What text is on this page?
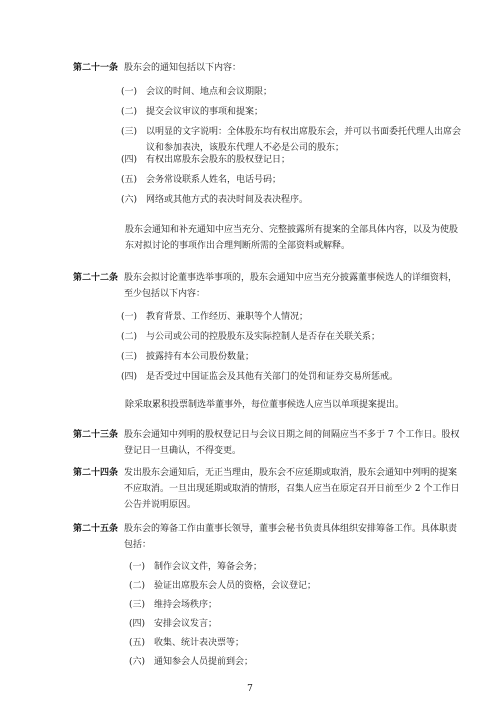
第二十一条 股东会的通知包括以下内容：
(一) 会议的时间、地点和会议期限；
(二) 提交会议审议的事项和提案；
(三) 以明显的文字说明：全体股东均有权出席股东会，并可以书面委托代理人出席会议和参加表决，该股东代理人不必是公司的股东；
(四) 有权出席股东会股东的股权登记日；
(五) 会务常设联系人姓名，电话号码；
(六) 网络或其他方式的表决时间及表决程序。
股东会通知和补充通知中应当充分、完整披露所有提案的全部具体内容，以及为使股东对拟讨论的事项作出合理判断所需的全部资料或解释。
第二十二条 股东会拟讨论董事选举事项的，股东会通知中应当充分披露董事候选人的详细资料，至少包括以下内容：
(一) 教育背景、工作经历、兼职等个人情况；
(二) 与公司或公司的控股股东及实际控制人是否存在关联关系；
(三) 披露持有本公司股份数量；
(四) 是否受过中国证监会及其他有关部门的处罚和证券交易所惩戒。
除采取累积投票制选举董事外，每位董事候选人应当以单项提案提出。
第二十三条 股东会通知中列明的股权登记日与会议日期之间的间隔应当不多于 7 个工作日。股权登记日一旦确认，不得变更。
第二十四条 发出股东会通知后，无正当理由，股东会不应延期或取消，股东会通知中列明的提案不应取消。一旦出现延期或取消的情形，召集人应当在原定召开日前至少 2 个工作日公告并说明原因。
第二十五条 股东会的筹备工作由董事长领导，董事会秘书负责具体组织安排筹备工作。具体职责包括：
(一) 制作会议文件，筹备会务；
(二) 验证出席股东会人员的资格，会议登记；
(三) 维持会场秩序；
(四) 安排会议发言；
(五) 收集、统计表决票等；
(六) 通知参会人员提前到会；
7
